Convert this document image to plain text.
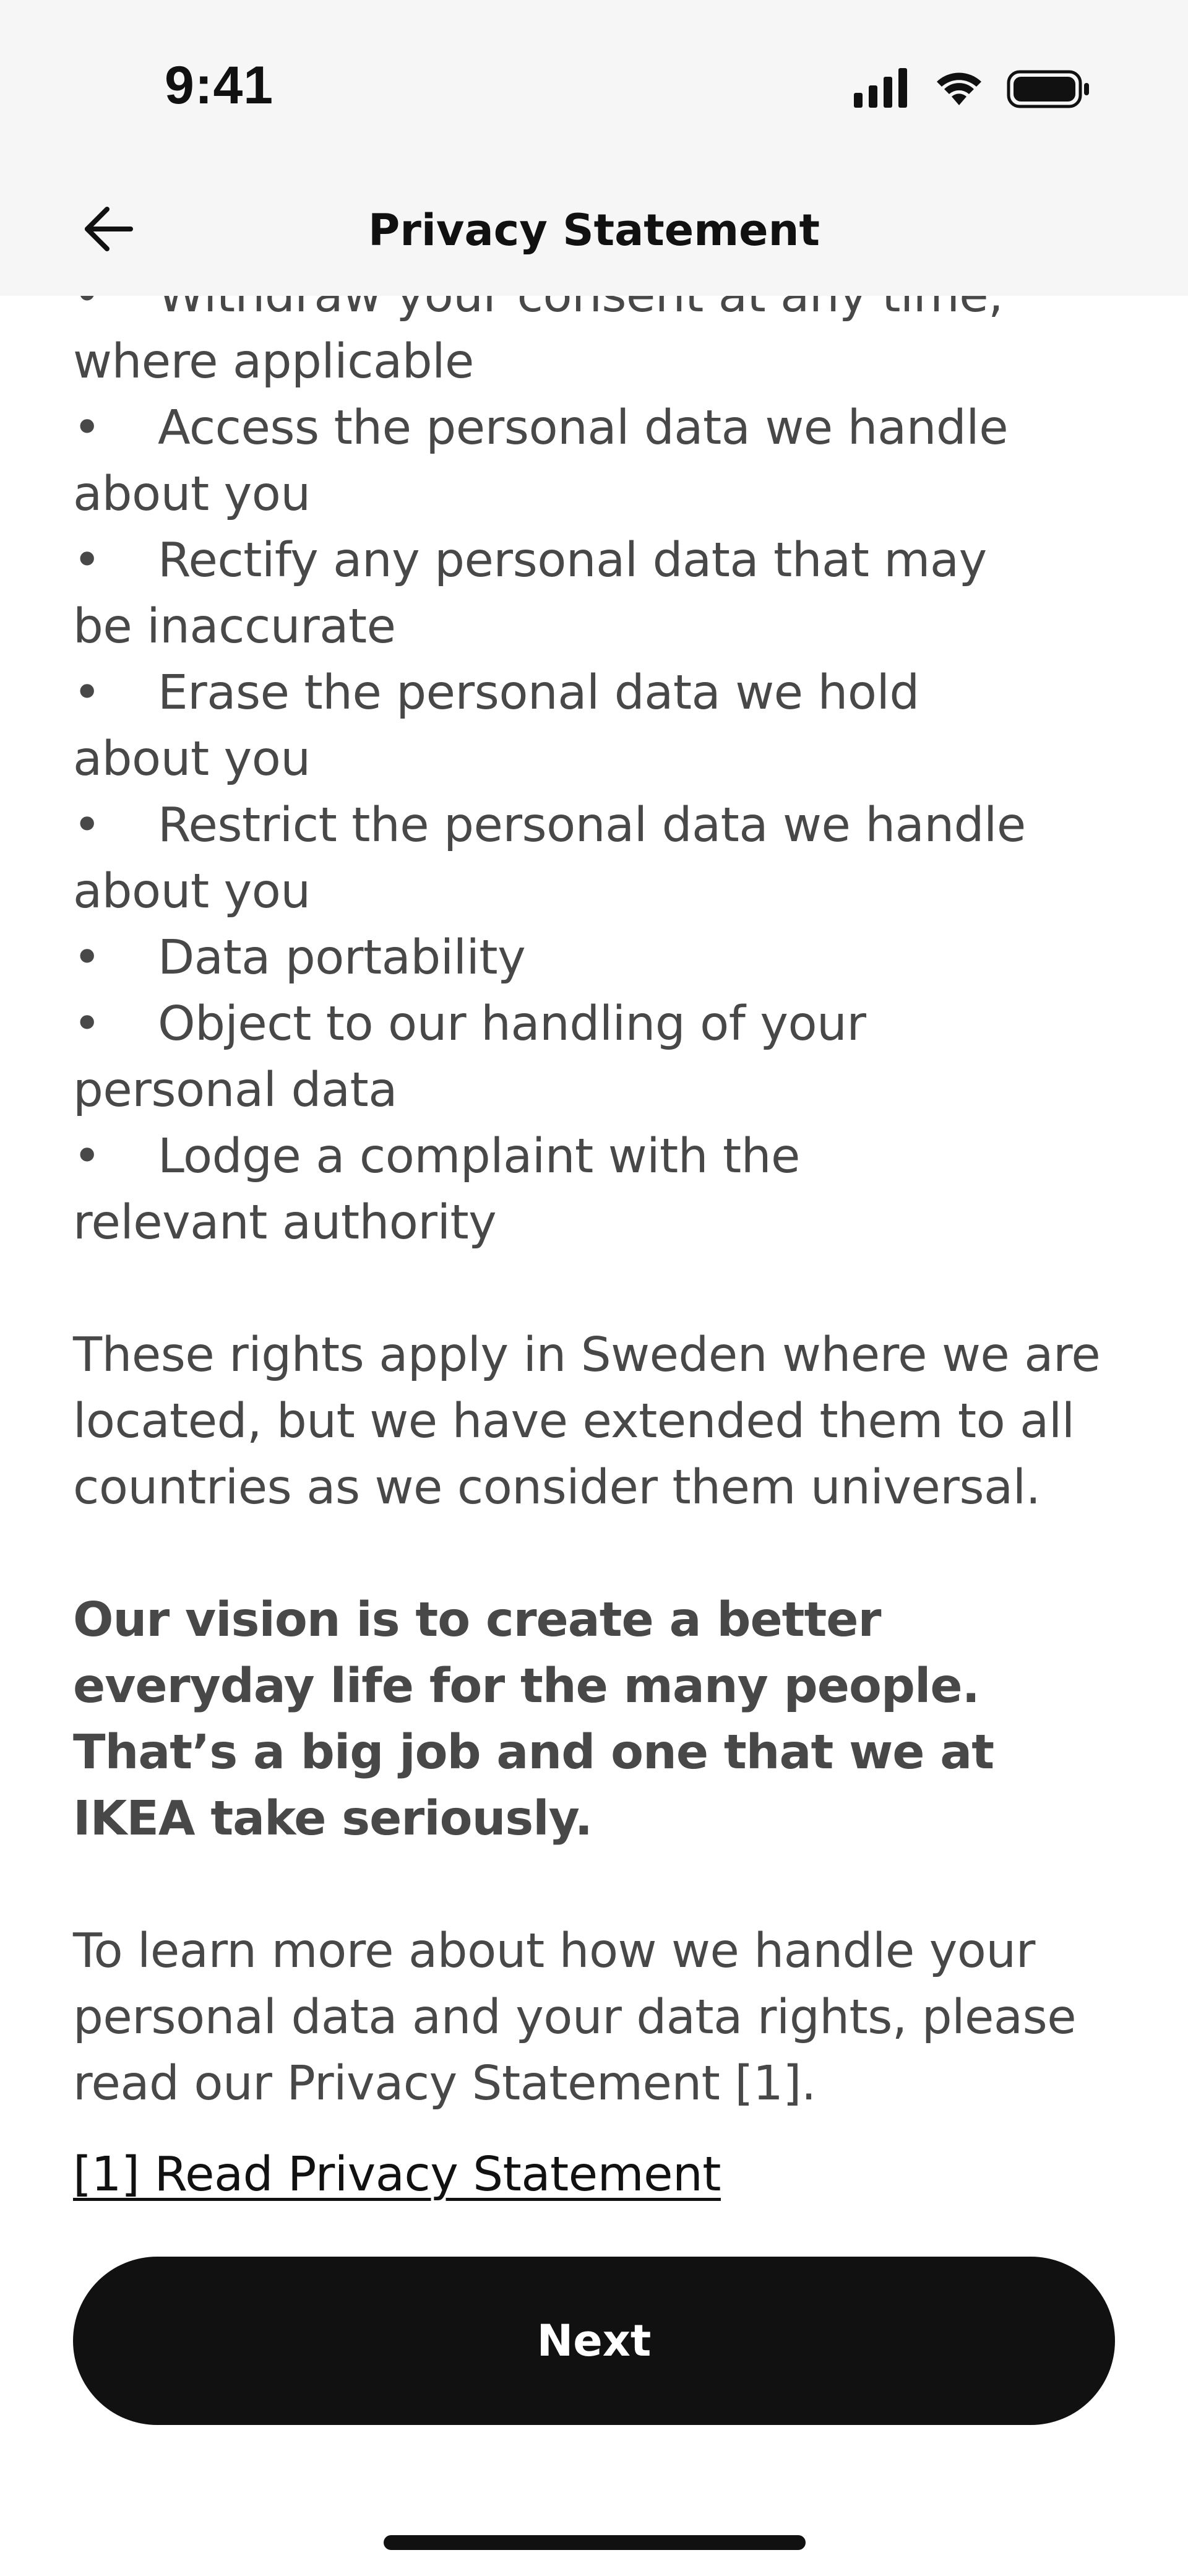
where applicable
• Access the personal data we handle
about you
• Rectify any personal data that may
be inaccurate
• Erase the personal data we hold
about you
• Restrict the personal data we handle
about you
• Data portability
• Object to our handling of your
personal data
• Lodge a complaint with the
relevant authority

These rights apply in Sweden where we are located, but we have extended them to all countries as we consider them universal.

Our vision is to create a better everyday life for the many people. That’s a big job and one that we at IKEA take seriously.

To learn more about how we handle your personal data and your data rights, please read our Privacy Statement [1].

[1] Read Privacy Statement
9:41
Privacy Statement
Next
